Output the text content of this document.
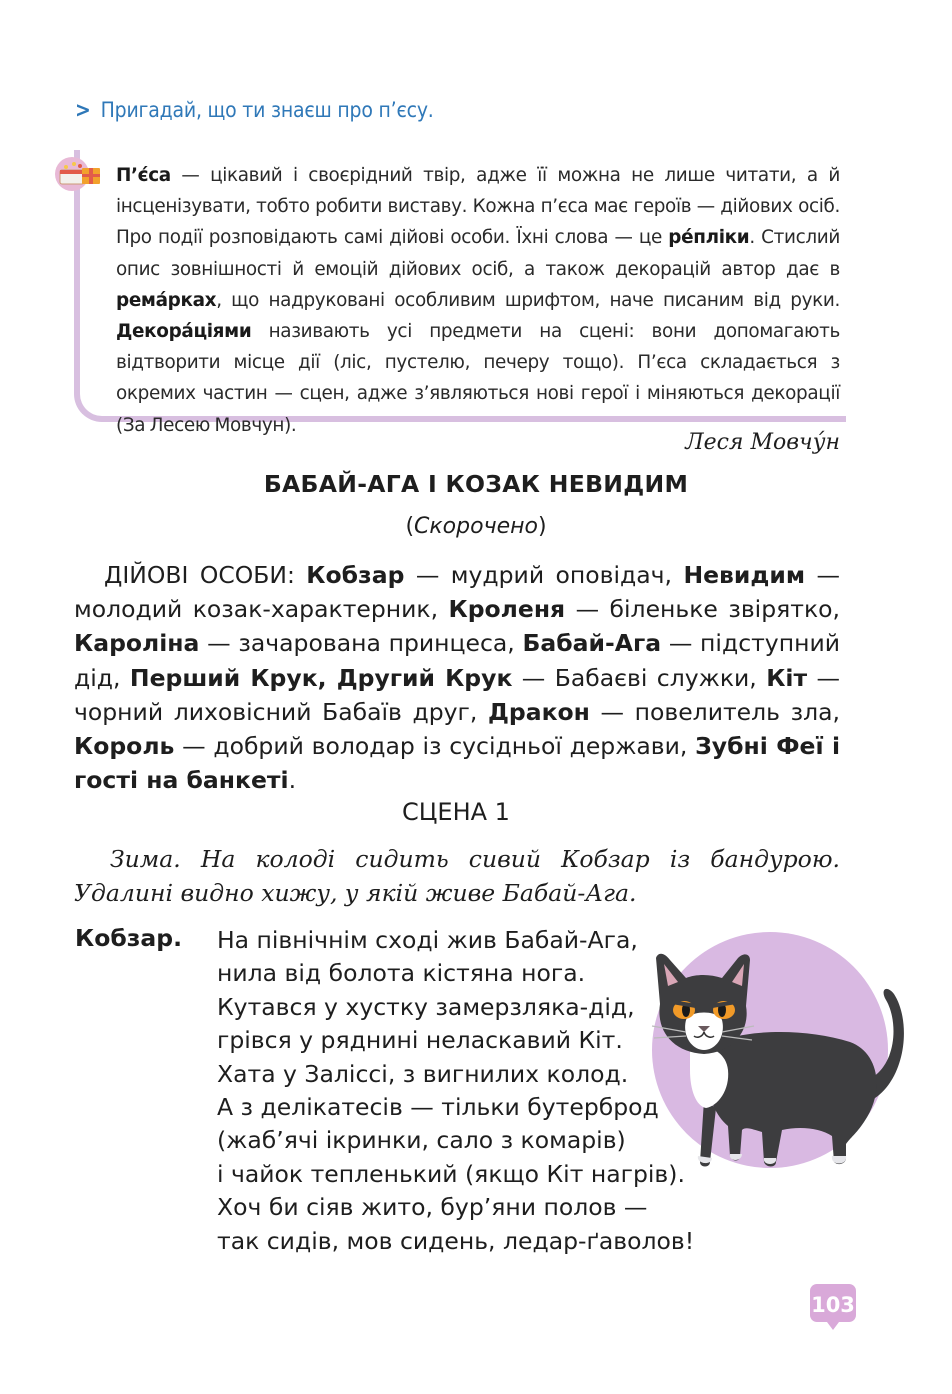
> Пригадай, що ти знаєш про п’єсу.
П’є́са — цікавий і своєрідний твір, адже її можна не лише читати, а й інсценізувати, тобто робити виставу. Кожна п’єса має героїв — дійових осіб. Про події розповідають самі дійові особи. Їхні слова — це ре́пліки. Стислий опис зовнішності й емоцій дійових осіб, а також декорацій автор дає в рема́рках, що надруковані особливим шрифтом, наче писаним від руки. Декора́ціями називають усі предмети на сцені: вони допомагають відтворити місце дії (ліс, пустелю, печеру тощо). П’єса складається з окремих частин — сцен, адже з’являються нові герої і міняються декорації (За Лесею Мовчун).
Леся Мовчу́н
БАБАЙ-АГА І КОЗАК НЕВИДИМ
(Скорочено)

ДІЙОВІ ОСОБИ: Кобзар — мудрий оповідач, Невидим — молодий козак-характерник, Кроленя — біленьке звірятко, Кароліна — зачарована принцеса, Бабай-Ага — підступний дід, Перший Крук, Другий Крук — Бабаєві служки, Кіт — чорний лиховісний Бабаїв друг, Дракон — повелитель зла, Король — добрий володар із сусідньої держави, Зубні Феї і гості на банкеті.

СЦЕНА 1

Зима. На колоді сидить сивий Кобзар із бандурою. Удалині видно хижу, у якій живе Бабай-Ага.

Кобзар. На північнім сході жив Бабай-Ага,
нила від болота кістяна нога.
Кутався у хустку замерзляка-дід,
грівся у ряднині неласкавий Кіт.
Хата у Заліссі, з вигнилих колод.
А з делікатесів — тільки бутерброд
(жаб’ячі ікринки, сало з комарів)
і чайок тепленький (якщо Кіт нагрів).
Хоч би сіяв жито, бур’яни полов —
так сидів, мов сидень, ледар-ґаволов!
103
